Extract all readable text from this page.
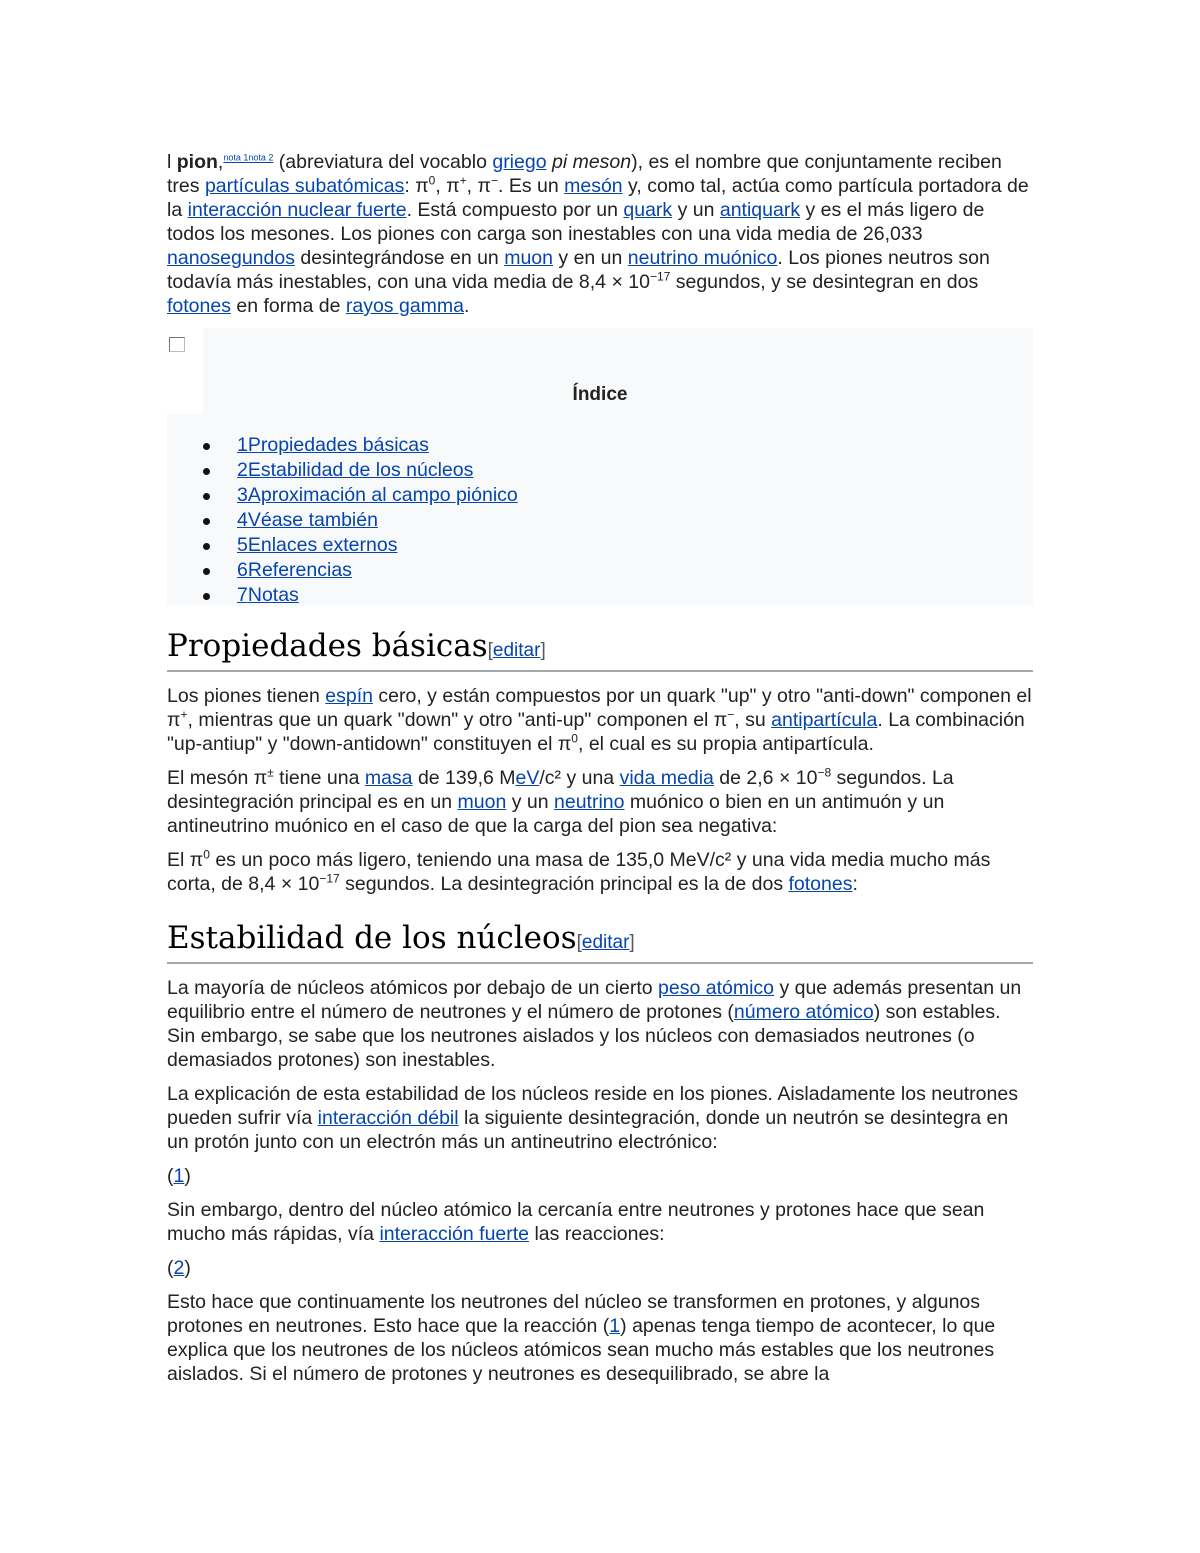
l pion,$^{nota 1nota 2}$ (abreviatura del vocablo griego pi meson), es el nombre que conjuntamente reciben tres partículas subatómicas: $\pi^0$, π+, π−. Es un mesón y, como tal, actúa como partícula portadora de la interacción nuclear fuerte. Está compuesto por un quark y un antiquark y es el más ligero de todos los mesones. Los piones con carga son inestables con una vida media de 26,033 nanosegundos desintegrándose en un muon y en un neutrino muónico. Los piones neutros son todavía más inestables, con una vida media de $8,4 \times 10^{-17}$ segundos, y se desintegran en dos fotones en forma de rayos gamma.

Índice
1Propiedades básicas
2Estabilidad de los núcleos
3Aproximación al campo piónico
4Véase también
5Enlaces externos
6Referencias
7Notas
Propiedades básicas[editar]

Los piones tienen espín cero, y están compuestos por un quark "up" y otro "anti-down" componen el π+, mientras que un quark "down" y otro "anti-up" componen el π−, su antipartícula. La combinación "up-antiup" y "down-antidown" constituyen el $\pi^0$, el cual es su propia antipartícula.

El mesón π± tiene una masa de 139,6 MeV/c² y una vida media de $2,6 \times 10^{-8}$ segundos. La desintegración principal es en un muon y un neutrino muónico o bien en un antimuón y un antineutrino muónico en el caso de que la carga del pion sea negativa:

El $\pi^0$ es un poco más ligero, teniendo una masa de 135,0 MeV/c² y una vida media mucho más corta, de $8,4 \times 10^{-17}$ segundos. La desintegración principal es la de dos fotones:

Estabilidad de los núcleos[editar]

La mayoría de núcleos atómicos por debajo de un cierto peso atómico y que además presentan un equilibrio entre el número de neutrones y el número de protones (número atómico) son estables. Sin embargo, se sabe que los neutrones aislados y los núcleos con demasiados neutrones (o demasiados protones) son inestables.

La explicación de esta estabilidad de los núcleos reside en los piones. Aisladamente los neutrones pueden sufrir vía interacción débil la siguiente desintegración, donde un neutrón se desintegra en un protón junto con un electrón más un antineutrino electrónico:

(1)

Sin embargo, dentro del núcleo atómico la cercanía entre neutrones y protones hace que sean mucho más rápidas, vía interacción fuerte las reacciones:

(2)

Esto hace que continuamente los neutrones del núcleo se transformen en protones, y algunos protones en neutrones. Esto hace que la reacción (1) apenas tenga tiempo de acontecer, lo que explica que los neutrones de los núcleos atómicos sean mucho más estables que los neutrones aislados. Si el número de protones y neutrones es desequilibrado, se abre la
